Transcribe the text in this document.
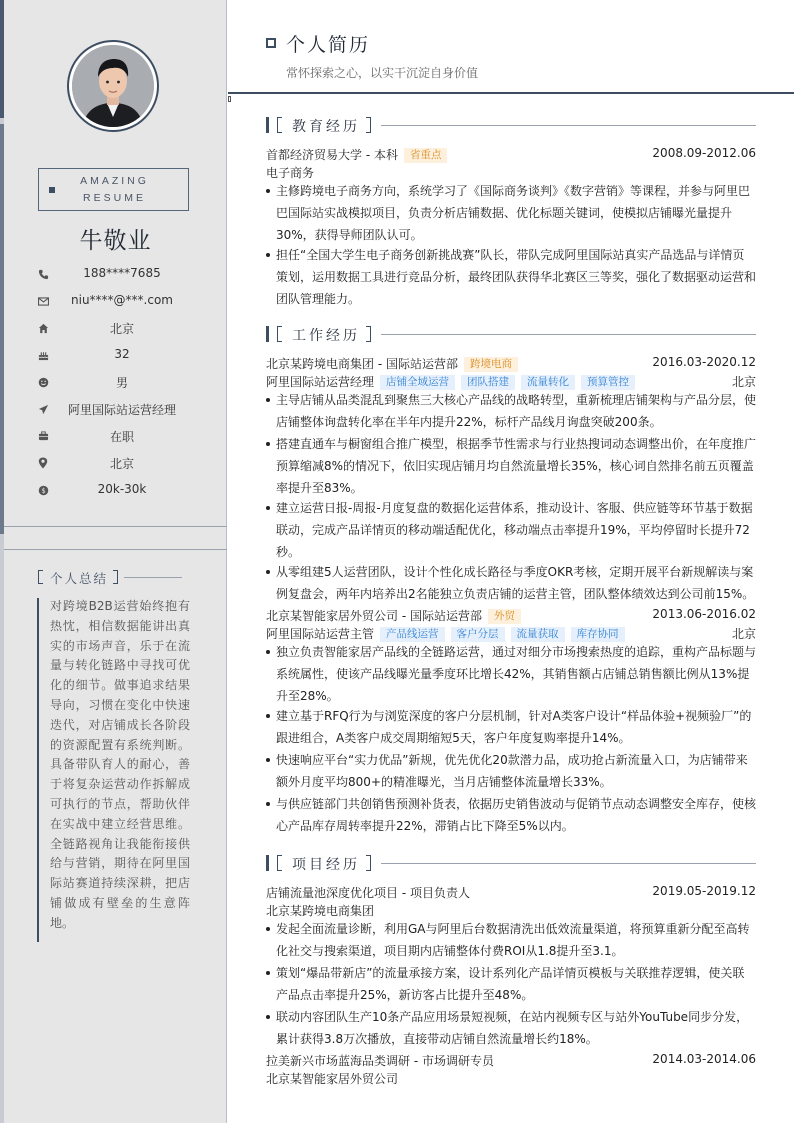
AMAZING
RESUME
牛敬业
188****7685
niu****@***.com
北京
32
男
阿里国际站运营经理
在职
北京
$	20k-30k
个人总结
对跨境B2B运营始终抱有热忱，相信数据能讲出真实的市场声音，乐于在流量与转化链路中寻找可优化的细节。做事追求结果导向，习惯在变化中快速迭代，对店铺成长各阶段的资源配置有系统判断。具备带队育人的耐心，善于将复杂运营动作拆解成可执行的节点，帮助伙伴在实战中建立经营思维。全链路视角让我能衔接供给与营销，期待在阿里国际站赛道持续深耕，把店铺做成有壁垒的生意阵地。
个人简历
常怀探索之心，以实干沉淀自身价值
教育经历
首都经济贸易大学 - 本科 省重点	2008.09-2012.06
电子商务
主修跨境电子商务方向，系统学习了《国际商务谈判》《数字营销》等课程，并参与阿里巴巴国际站实战模拟项目，负责分析店铺数据、优化标题关键词，使模拟店铺曝光量提升30%，获得导师团队认可。
担任“全国大学生电子商务创新挑战赛”队长，带队完成阿里国际站真实产品选品与详情页策划，运用数据工具进行竞品分析，最终团队获得华北赛区三等奖，强化了数据驱动运营和团队管理能力。
工作经历
北京某跨境电商集团 - 国际站运营部 跨境电商	2016.03-2020.12
阿里国际站运营经理 店铺全域运营 团队搭建 流量转化 预算管控	北京
主导店铺从品类混乱到聚焦三大核心产品线的战略转型，重新梳理店铺架构与产品分层，使店铺整体询盘转化率在半年内提升22%，标杆产品线月询盘突破200条。
搭建直通车与橱窗组合推广模型，根据季节性需求与行业热搜词动态调整出价，在年度推广预算缩减8%的情况下，依旧实现店铺月均自然流量增长35%，核心词自然排名前五页覆盖率提升至83%。
建立运营日报-周报-月度复盘的数据化运营体系，推动设计、客服、供应链等环节基于数据联动，完成产品详情页的移动端适配优化，移动端点击率提升19%，平均停留时长提升72秒。
从零组建5人运营团队，设计个性化成长路径与季度OKR考核，定期开展平台新规解读与案例复盘会，两年内培养出2名能独立负责店铺的运营主管，团队整体绩效达到公司前15%。
北京某智能家居外贸公司 - 国际站运营部 外贸	2013.06-2016.02
阿里国际站运营主管 产品线运营 客户分层 流量获取 库存协同	北京
独立负责智能家居产品线的全链路运营，通过对细分市场搜索热度的追踪，重构产品标题与系统属性，使该产品线曝光量季度环比增长42%，其销售额占店铺总销售额比例从13%提升至28%。
建立基于RFQ行为与浏览深度的客户分层机制，针对A类客户设计“样品体验+视频验厂”的跟进组合，A类客户成交周期缩短5天，客户年度复购率提升14%。
快速响应平台“实力优品”新规，优先优化20款潜力品，成功抢占新流量入口，为店铺带来额外月度平均800+的精准曝光，当月店铺整体流量增长33%。
与供应链部门共创销售预测补货表，依据历史销售波动与促销节点动态调整安全库存，使核心产品库存周转率提升22%，滞销占比下降至5%以内。
项目经历
店铺流量池深度优化项目 - 项目负责人	2019.05-2019.12
北京某跨境电商集团
发起全面流量诊断，利用GA与阿里后台数据清洗出低效流量渠道，将预算重新分配至高转化社交与搜索渠道，项目期内店铺整体付费ROI从1.8提升至3.1。
策划“爆品带新店”的流量承接方案，设计系列化产品详情页模板与关联推荐逻辑，使关联产品点击率提升25%，新访客占比提升至48%。
联动内容团队生产10条产品应用场景短视频，在站内视频专区与站外YouTube同步分发，累计获得3.8万次播放，直接带动店铺自然流量增长约18%。
拉美新兴市场蓝海品类调研 - 市场调研专员	2014.03-2014.06
北京某智能家居外贸公司
